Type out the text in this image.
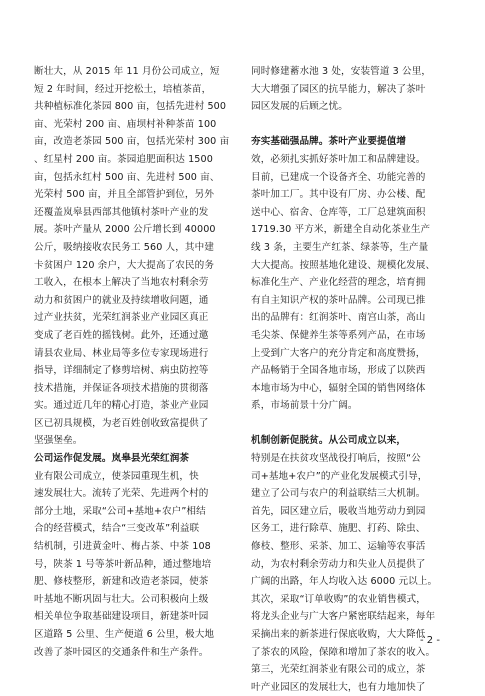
断壮大，从 2015 年 11 月份公司成立，短
短 2 年时间，经过开挖松土，培植茶苗，
共种植标准化茶园 800 亩，包括先进村 500
亩、光荣村 200 亩、庙坝村补种茶苗 100
亩，改造老茶园 500 亩，包括光荣村 300 亩
、红星村 200 亩。茶园追肥面积达 1500
亩，包括永红村 500 亩、先进村 500 亩、
光荣村 500 亩，并且全部管护到位，另外
还覆盖岚皋县西部其他镇村茶叶产业的发
展。茶叶产量从 2000 公斤增长到 40000
公斤，吸纳接收农民务工 560 人，其中建
卡贫困户 120 余户，大大提高了农民的务
工收入，在根本上解决了当地农村剩余劳
动力和贫困户的就业及持续增收问题，通
过产业扶贫，光荣红润茶业产业园区真正
变成了老百姓的摇钱树。此外，还通过邀
请县农业局、林业局等多位专家现场进行
指导，详细制定了修剪培树、病虫防控等
技术措施，并保证各项技术措施的贯彻落
实。通过近几年的精心打造，茶业产业园
区已初具规模，为老百姓创收致富提供了
坚强堡垒。
公司运作促发展。岚皋县光荣红润茶
业有限公司成立，使茶园重现生机，快
速发展壮大。流转了光荣、先进两个村的
部分土地，采取“公司+基地+农户”相结
合的经营模式，结合“三变改革”利益联
结机制，引进黄金叶、梅占茶、中茶 108
号，陕茶 1 号等茶叶新品种，通过整地培
肥、修枝整形，新建和改造老茶园，使茶
叶基地不断巩固与壮大。公司积极向上级
相关单位争取基础建设项目，新建茶叶园
区道路 5 公里、生产便道 6 公里，极大地
改善了茶叶园区的交通条件和生产条件。
同时修建蓄水池 3 处，安装管道 3 公里，
大大增强了园区的抗旱能力，解决了茶叶
园区发展的后顾之忧。
夯实基础强品牌。茶叶产业要提值增
效，必须扎实抓好茶叶加工和品牌建设。
目前，已建成一个设备齐全、功能完善的
茶叶加工厂。其中设有厂房、办公楼、配
送中心、宿舍、仓库等，工厂总建筑面积
1719.30 平方米，新建全自动化茶业生产
线 3 条，主要生产红茶、绿茶等，生产量
大大提高。按照基地化建设、规模化发展、
标准化生产、产业化经营的理念，培育拥
有自主知识产权的茶叶品牌。公司现已推
出的品牌有：红润茶叶、南宫山茶，高山
毛尖茶、保健养生茶等系列产品，在市场
上受到广大客户的充分肯定和高度赞扬，
产品畅销于全国各地市场，形成了以陕西
本地市场为中心，辐射全国的销售网络体
系，市场前景十分广阔。
机制创新促脱贫。从公司成立以来，
特别是在扶贫攻坚战役打响后，按照“公
司+基地+农户”的产业化发展模式引导，
建立了公司与农户的利益联结三大机制。
首先，园区建立后，吸收当地劳动力到园
区务工，进行除草、施肥、打药、除虫、
修枝、整形、采茶、加工、运输等农事活
动，为农村剩余劳动力和失业人员提供了
广阔的出路，年人均收入达 6000 元以上。
其次，采取“订单收购”的农业销售模式，
将龙头企业与广大客户紧密联结起来，每年
采摘出来的新茶进行保底收购，大大降低
了茶农的风险，保障和增加了茶农的收入。
第三，光荣红润茶业有限公司的成立，茶
叶产业园区的发展壮大，也有力地加快了
- 2 -
